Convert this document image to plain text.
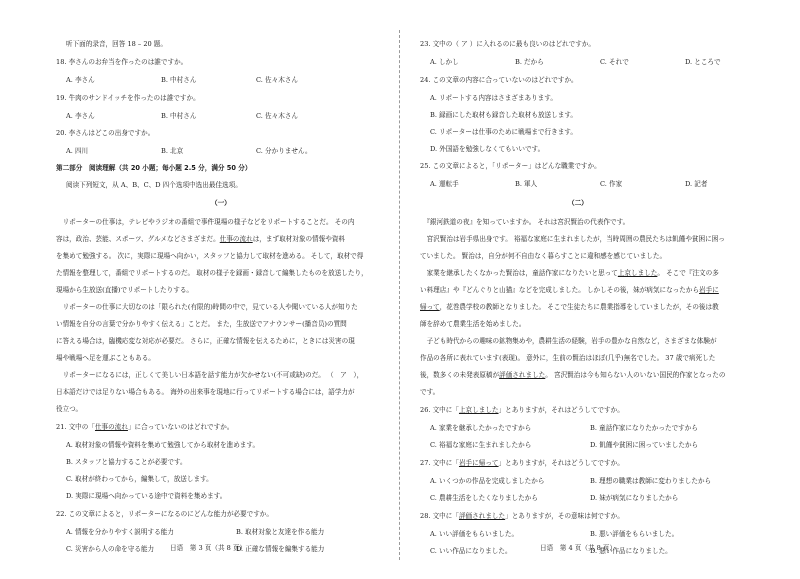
听下面的录音，回答 18 – 20 题。
18. 李さんのお弁当を作ったのは誰ですか。
A. 李さん	B. 中村さん	C. 佐々木さん
19. 牛肉のサンドイッチを作ったのは誰ですか。
A. 李さん	B. 中村さん	C. 佐々木さん
20. 李さんはどこの出身ですか。
A. 四川	B. 北京	C. 分かりません。
第二部分　阅读理解（共 20 小题；每小题 2.5 分，满分 50 分）
阅读下列短文，从 A、B、C、D 四个选项中选出最佳选项。
（一）
　リポーターの仕事は，テレビやラジオの番組で事件現場の様子などをリポートすることだ。 その内
容は，政治、芸能、スポーツ、グルメなどさまざまだ。仕事の流れは，まず取材対象の情報や資料
を集めて勉強する。 次に，実際に現場へ向かい，スタッフと協力して取材を進める。 そして，取材で得
た情報を整理して，番組でリポートするのだ。 取材の様子を録画・録音して編集したものを放送したり，
現場から生放送(直播)でリポートしたりする。
　リポーターの仕事に大切なのは「限られた(有限的)時間の中で，見ている人や聞いている人が知りた
い情報を自分の言葉で分かりやすく伝える」ことだ。 また，生放送でアナウンサー(播音员)の質問
に答える場合は，臨機応変な対応が必要だ。 さらに，正確な情報を伝えるために，ときには災害の現
場や戦場へ足を運ぶこともある。
　リポーターになるには，正しくて美しい日本語を話す能力が欠かせない(不可或缺)のだ。 （　ア　），
日本語だけでは足りない場合もある。 海外の出来事を現地に行ってリポートする場合には，語学力が
役立つ。
21. 文中の「仕事の流れ」に合っていないのはどれですか。
A. 取材対象の情報や資料を集めて勉強してから取材を進めます。
B. スタッフと協力することが必要です。
C. 取材が終わってから，編集して，放送します。
D. 実際に現場へ向かっている途中で資料を集めます。
22. この文章によると，リポーターになるのにどんな能力が必要ですか。
A. 情報を分かりやすく説明する能力	B. 取材対象と友達を作る能力
C. 災害から人の命を守る能力	D. 正確な情報を編集する能力
日语　第 3 页（共 8 页）
23. 文中の（ ア ）に入れるのに最も良いのはどれですか。
A. しかし	B. だから	C. それで	D. ところで
24. この文章の内容に合っていないのはどれですか。
A. リポートする内容はさまざまあります。
B. 録画にした取材も録音した取材も放送します。
C. リポーターは仕事のために戦場まで行きます。
D. 外国語を勉強しなくてもいいです。
25. この文章によると，「リポーター」はどんな職業ですか。
A. 運転手	B. 軍人	C. 作家	D. 記者
（二）
　『銀河鉄道の夜』を知っていますか。 それは宮沢賢治の代表作です。
　宮沢賢治は岩手県出身です。 裕福な家庭に生まれましたが，当時周囲の農民たちは飢饉や貧困に困っ
ていました。 賢治は，自分が何不自由なく暮らすことに違和感を感じていました。
　家業を継承したくなかった賢治は，童話作家になりたいと思って上京しました。 そこで『注文の多
い料理店』や『どんぐりと山猫』などを完成しました。 しかしその後，妹が病気になったから岩手に
帰って，花巻農学校の教師となりました。 そこで生徒たちに農業指導をしていましたが，その後は教
師を辞めて農業生活を始めました。
　子ども時代からの趣味の鉱物集めや，農耕生活の経験，岩手の豊かな自然など，さまざまな体験が
作品の各所に表れています(表现)。 意外に，生前の賢治はほぼ(几乎)無名でした。 37 歳で病死した
後，数多くの未発表原稿が評価されました。 宮沢賢治は今も知らない人のいない国民的作家となったの
です。
26. 文中に「上京しました」とありますが，それはどうしてですか。
A. 家業を継承したかったですから	B. 童話作家になりたかったですから
C. 裕福な家庭に生まれましたから	D. 飢饉や貧困に困っていましたから
27. 文中に「岩手に帰って」とありますが，それはどうしてですか。
A. いくつかの作品を完成しましたから	B. 理想の職業は教師に変わりましたから
C. 農耕生活をしたくなりましたから	D. 妹が病気になりましたから
28. 文中に「評価されました」とありますが，その意味は何ですか。
A. いい評価をもらいました。	B. 悪い評価をもらいました。
C. いい作品になりました。	D. 悪い作品になりました。
日语　第 4 页（共 8 页）
